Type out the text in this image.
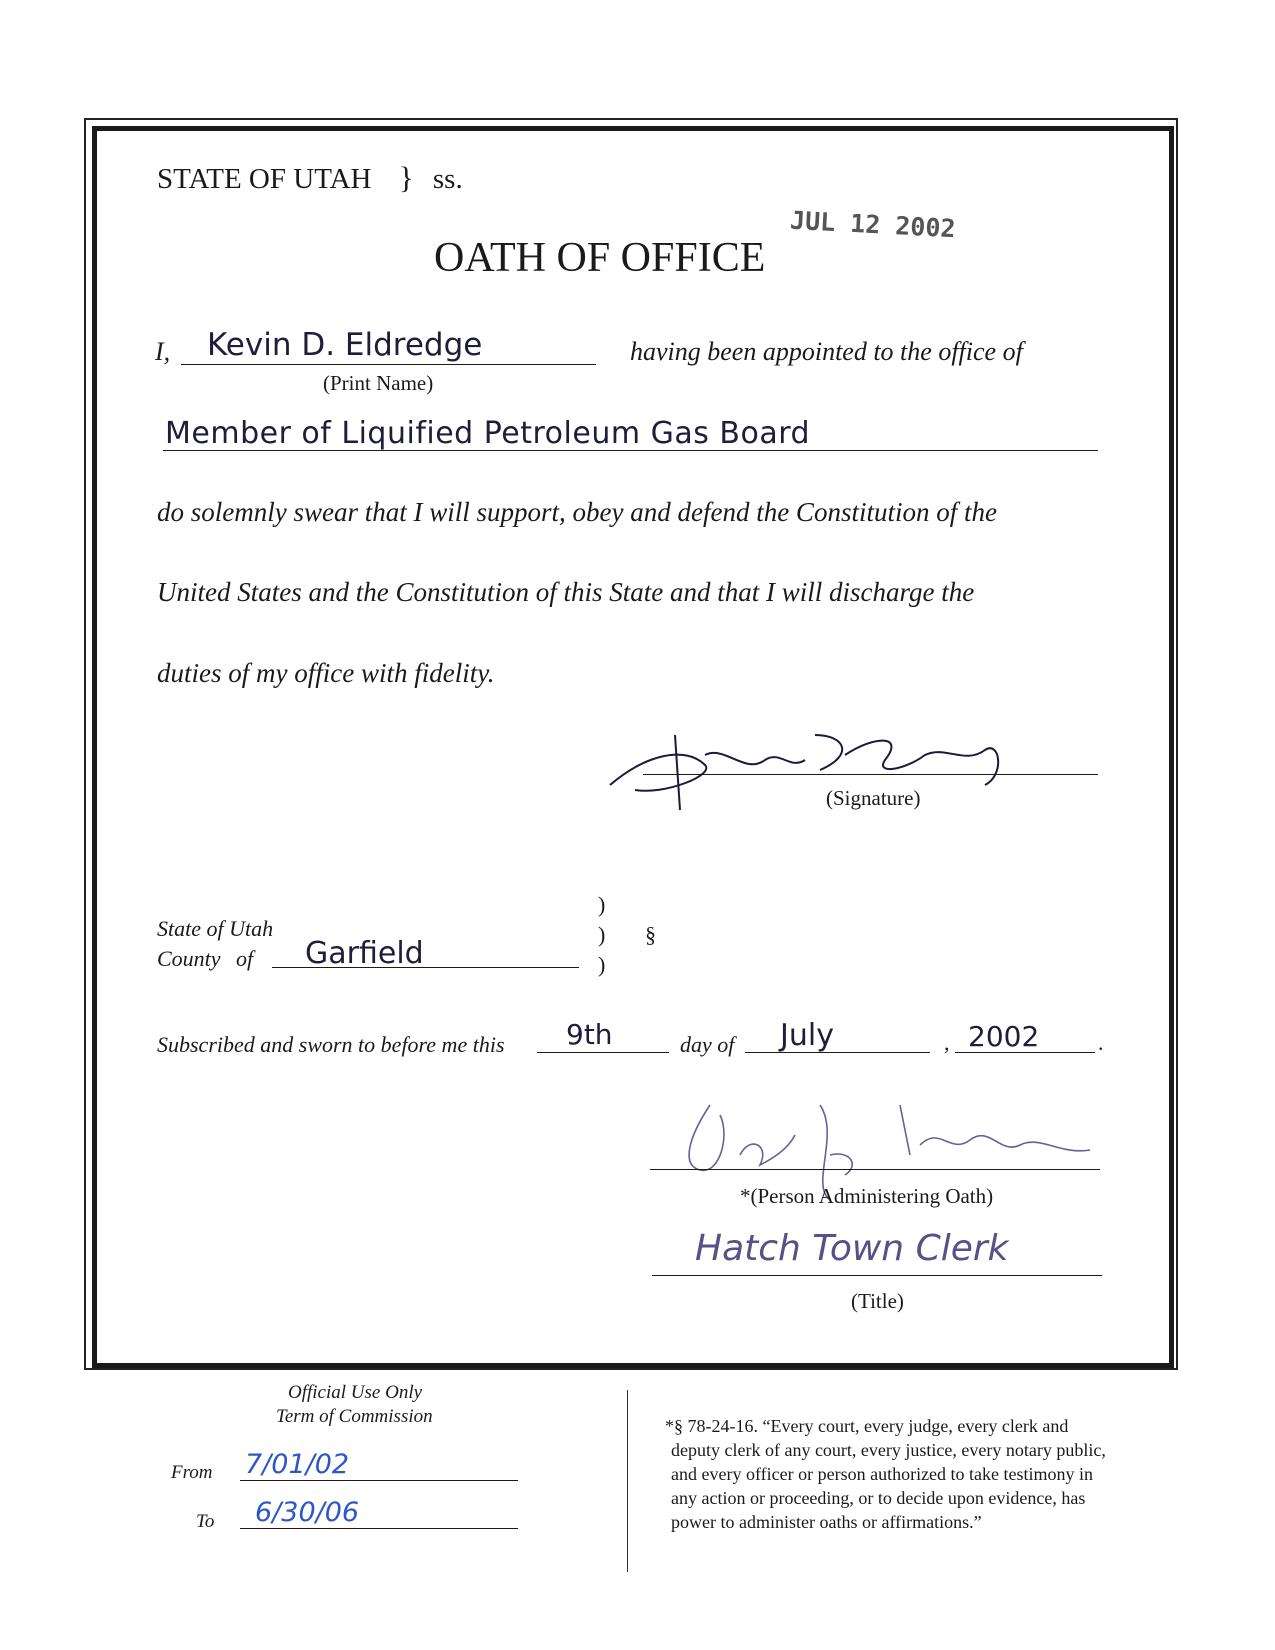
STATE OF UTAH } ss.
JUL 12 2002
OATH OF OFFICE
I, Kevin D. Eldredge
(Print Name)
having been appointed to the office of
Member of Liquified Petroleum Gas Board
do solemnly swear that I will support, obey and defend the Constitution of the
United States and the Constitution of this State and that I will discharge the
duties of my office with fidelity.
(Signature)
State of Utah
County of Garfield
)
)
)
§
Subscribed and sworn to before me this 9th	day of July	, 2002	.
*(Person Administering Oath)
Hatch Town Clerk
(Title)
Official Use Only
Term of Commission
From 7/01/02
To 6/30/06
*§ 78-24-16. “Every court, every judge, every clerk and
deputy clerk of any court, every justice, every notary public,
and every officer or person authorized to take testimony in
any action or proceeding, or to decide upon evidence, has
power to administer oaths or affirmations.”
